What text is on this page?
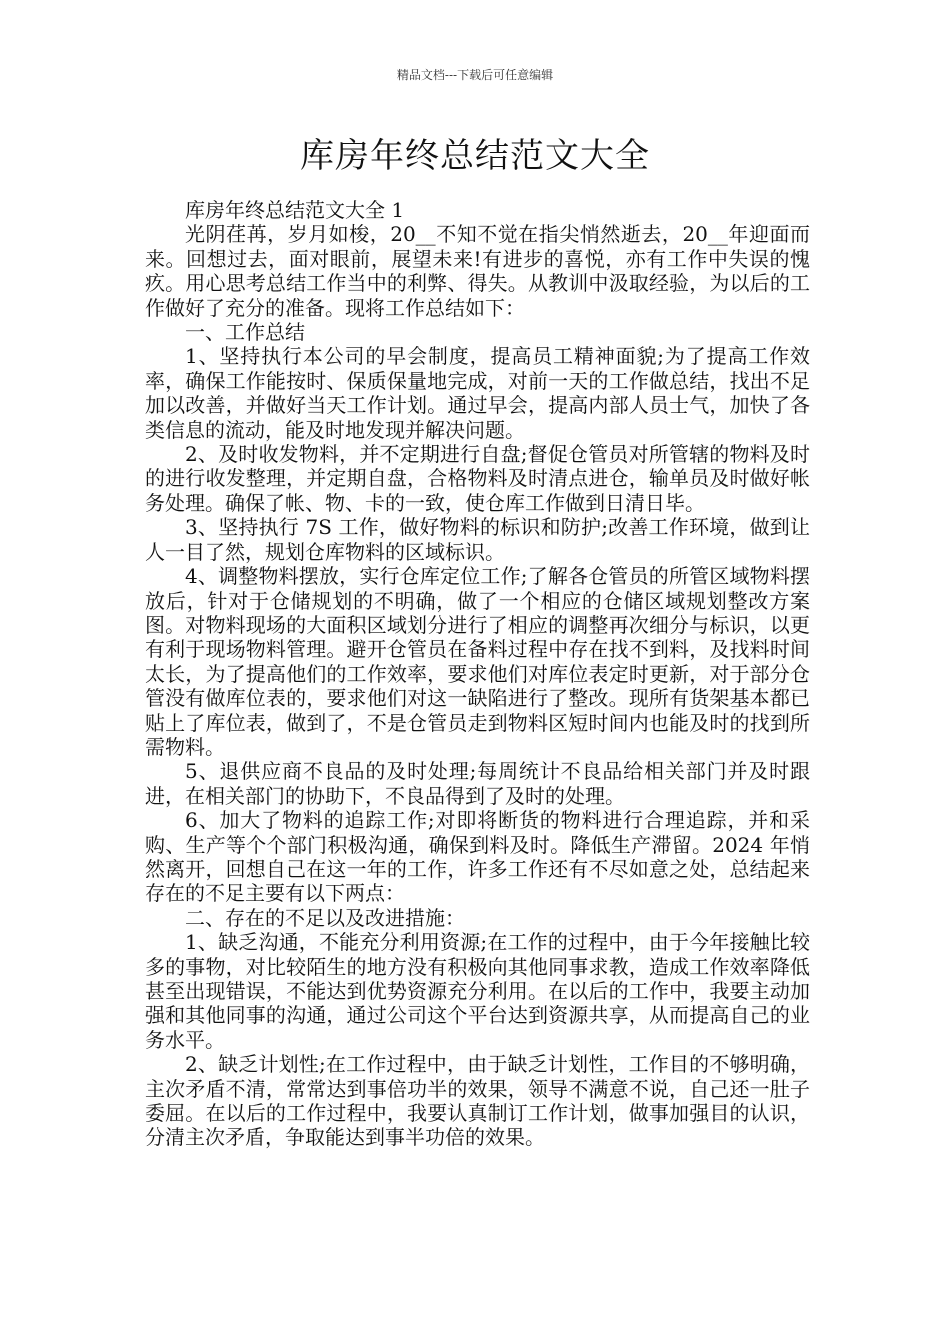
精品文档---下载后可任意编辑
库房年终总结范文大全

库房年终总结范文大全 1

光阴荏苒，岁月如梭，20__不知不觉在指尖悄然逝去，20__年迎面而来。回想过去，面对眼前，展望未来!有进步的喜悦，亦有工作中失误的愧疚。用心思考总结工作当中的利弊、得失。从教训中汲取经验，为以后的工作做好了充分的准备。现将工作总结如下：

一、工作总结

1、坚持执行本公司的早会制度，提高员工精神面貌;为了提高工作效率，确保工作能按时、保质保量地完成，对前一天的工作做总结，找出不足加以改善，并做好当天工作计划。通过早会，提高内部人员士气，加快了各类信息的流动，能及时地发现并解决问题。

2、及时收发物料，并不定期进行自盘;督促仓管员对所管辖的物料及时的进行收发整理，并定期自盘，合格物料及时清点进仓，输单员及时做好帐务处理。确保了帐、物、卡的一致，使仓库工作做到日清日毕。

3、坚持执行 7S 工作，做好物料的标识和防护;改善工作环境，做到让人一目了然，规划仓库物料的区域标识。

4、调整物料摆放，实行仓库定位工作;了解各仓管员的所管区域物料摆放后，针对于仓储规划的不明确，做了一个相应的仓储区域规划整改方案图。对物料现场的大面积区域划分进行了相应的调整再次细分与标识，以更有利于现场物料管理。避开仓管员在备料过程中存在找不到料，及找料时间太长，为了提高他们的工作效率，要求他们对库位表定时更新，对于部分仓管没有做库位表的，要求他们对这一缺陷进行了整改。现所有货架基本都已贴上了库位表，做到了，不是仓管员走到物料区短时间内也能及时的找到所需物料。

5、退供应商不良品的及时处理;每周统计不良品给相关部门并及时跟进，在相关部门的协助下，不良品得到了及时的处理。

6、加大了物料的追踪工作;对即将断货的物料进行合理追踪，并和采购、生产等个个部门积极沟通，确保到料及时。降低生产滞留。2024 年悄然离开，回想自己在这一年的工作，许多工作还有不尽如意之处，总结起来存在的不足主要有以下两点：

二、存在的不足以及改进措施：

1、缺乏沟通，不能充分利用资源;在工作的过程中，由于今年接触比较多的事物，对比较陌生的地方没有积极向其他同事求教，造成工作效率降低甚至出现错误，不能达到优势资源充分利用。在以后的工作中，我要主动加强和其他同事的沟通，通过公司这个平台达到资源共享，从而提高自己的业务水平。

2、缺乏计划性;在工作过程中，由于缺乏计划性，工作目的不够明确，主次矛盾不清，常常达到事倍功半的效果，领导不满意不说，自己还一肚子委屈。在以后的工作过程中，我要认真制订工作计划，做事加强目的认识，分清主次矛盾，争取能达到事半功倍的效果。
